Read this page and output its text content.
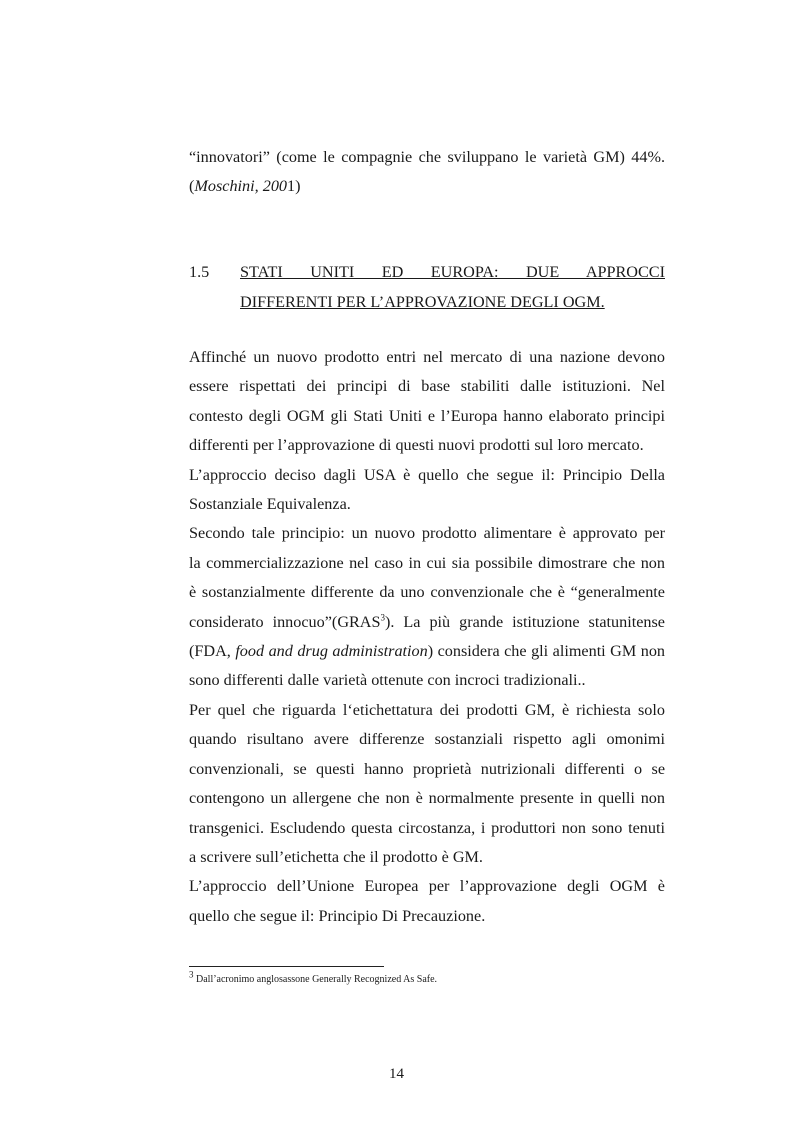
“innovatori” (come le compagnie che sviluppano le varietà GM) 44%.

(Moschini, 2001)

1.5 STATI UNITI ED EUROPA: DUE APPROCCI

DIFFERENTI PER L’APPROVAZIONE DEGLI OGM.

Affinché un nuovo prodotto entri nel mercato di una nazione devono

essere rispettati dei principi di base stabiliti dalle istituzioni. Nel

contesto degli OGM gli Stati Uniti e l’Europa hanno elaborato principi

differenti per l’approvazione di questi nuovi prodotti sul loro mercato.

L’approccio deciso dagli USA è quello che segue il: Principio Della

Sostanziale Equivalenza.

Secondo tale principio: un nuovo prodotto alimentare è approvato per

la commercializzazione nel caso in cui sia possibile dimostrare che non

è sostanzialmente differente da uno convenzionale che è “generalmente

considerato innocuo”(GRAS$^3$). La più grande istituzione statunitense

(FDA, food and drug administration) considera che gli alimenti GM non

sono differenti dalle varietà ottenute con incroci tradizionali..

Per quel che riguarda l‘etichettatura dei prodotti GM, è richiesta solo

quando risultano avere differenze sostanziali rispetto agli omonimi

convenzionali, se questi hanno proprietà nutrizionali differenti o se

contengono un allergene che non è normalmente presente in quelli non

transgenici. Escludendo questa circostanza, i produttori non sono tenuti

a scrivere sull’etichetta che il prodotto è GM.

L’approccio dell’Unione Europea per l’approvazione degli OGM è

quello che segue il: Principio Di Precauzione.

$^3$ Dall’acronimo anglosassone Generally Recognized As Safe.
14
